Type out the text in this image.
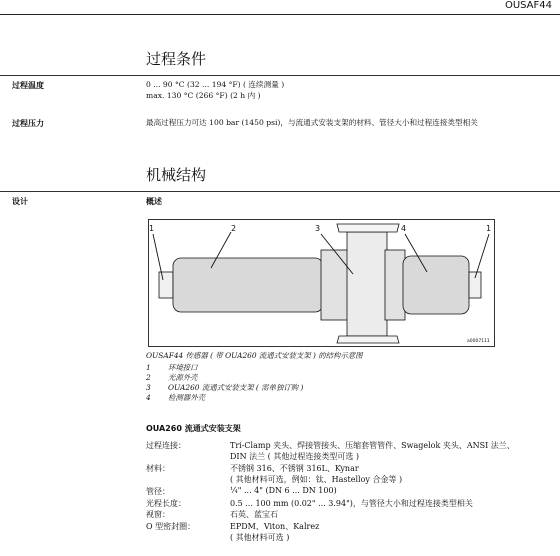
OUSAF44
过程条件
过程温度	0 ... 90 °C (32 ... 194 °F) ( 连续测量 )
max. 130 °C (266 °F) (2 h 内 )
过程压力	最高过程压力可达 100 bar (1450 psi)，与流通式安装支架的材料、管径大小和过程连接类型相关
机械结构
设计	概述
1	2	3	4	1
a0007111
OUSAF44 传感器 ( 带 OUA260 流通式安装支架 ) 的结构示意图
1 环境接口
2 光源外壳
3 OUA260 流通式安装支架 ( 需单独订购 )
4 检测器外壳
OUA260 流通式安装支架
过程连接：	Tri-Clamp 夹头、焊接管接头、压缩套管管件、Swagelok 夹头、ANSI 法兰、
DIN 法兰 ( 其他过程连接类型可选 )
材料：	不锈钢 316、不锈钢 316L、Kynar
( 其他材料可选，例如：钛、Hastelloy 合金等 )
管径：	¼" ... 4" (DN 6 ... DN 100)
光程长度：	0.5 ... 100 mm (0.02" ... 3.94")，与管径大小和过程连接类型相关
视窗：	石英、蓝宝石
O 型密封圈：	EPDM、Viton、Kalrez
( 其他材料可选 )
